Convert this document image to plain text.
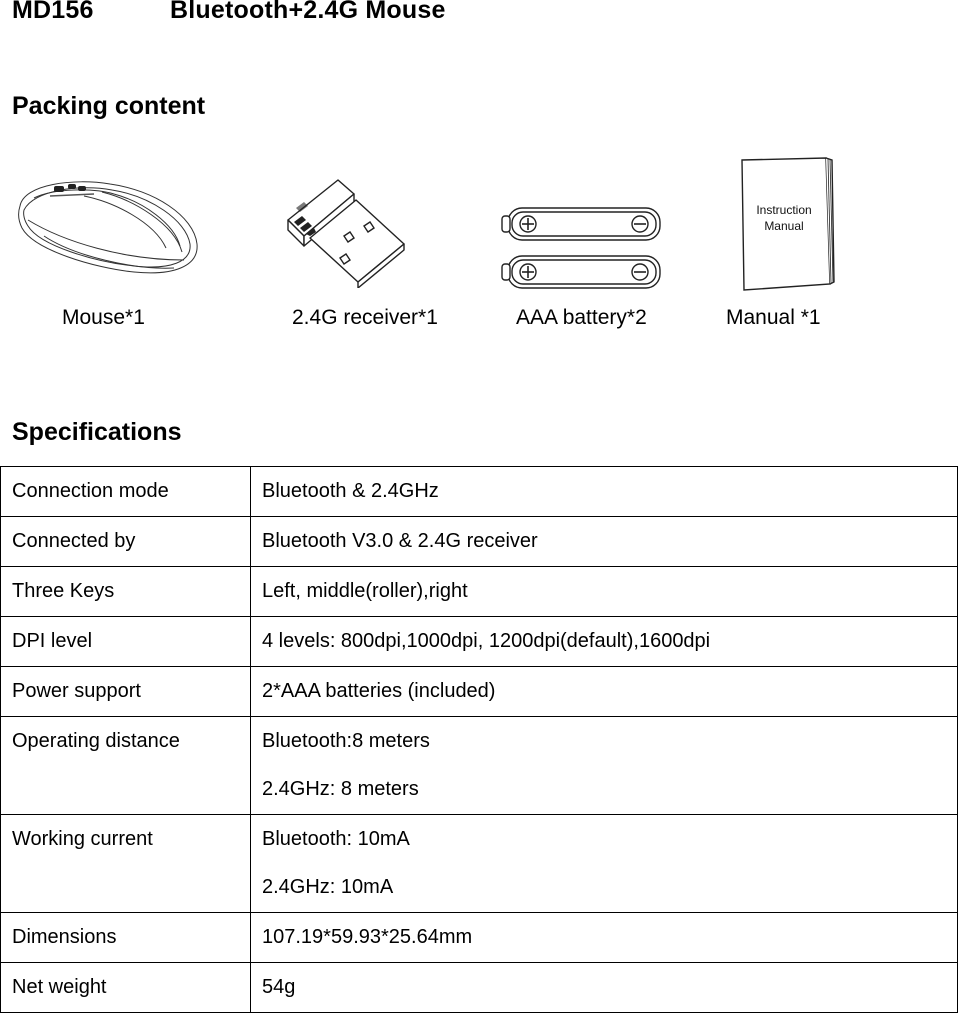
MD156	Bluetooth+2.4G Mouse
Packing content
Instruction
Manual
Mouse*1	2.4G receiver*1	AAA battery*2	Manual *1
Specifications
Connection mode	Bluetooth & 2.4GHz
Connected by	Bluetooth V3.0 & 2.4G receiver
Three Keys	Left, middle(roller),right
DPI level	4 levels: 800dpi,1000dpi, 1200dpi(default),1600dpi
Power support	2*AAA batteries (included)
Operating distance	Bluetooth:8 meters
2.4GHz: 8 meters

Working current	Bluetooth: 10mA
2.4GHz: 10mA

Dimensions	107.19*59.93*25.64mm
Net weight	54g
